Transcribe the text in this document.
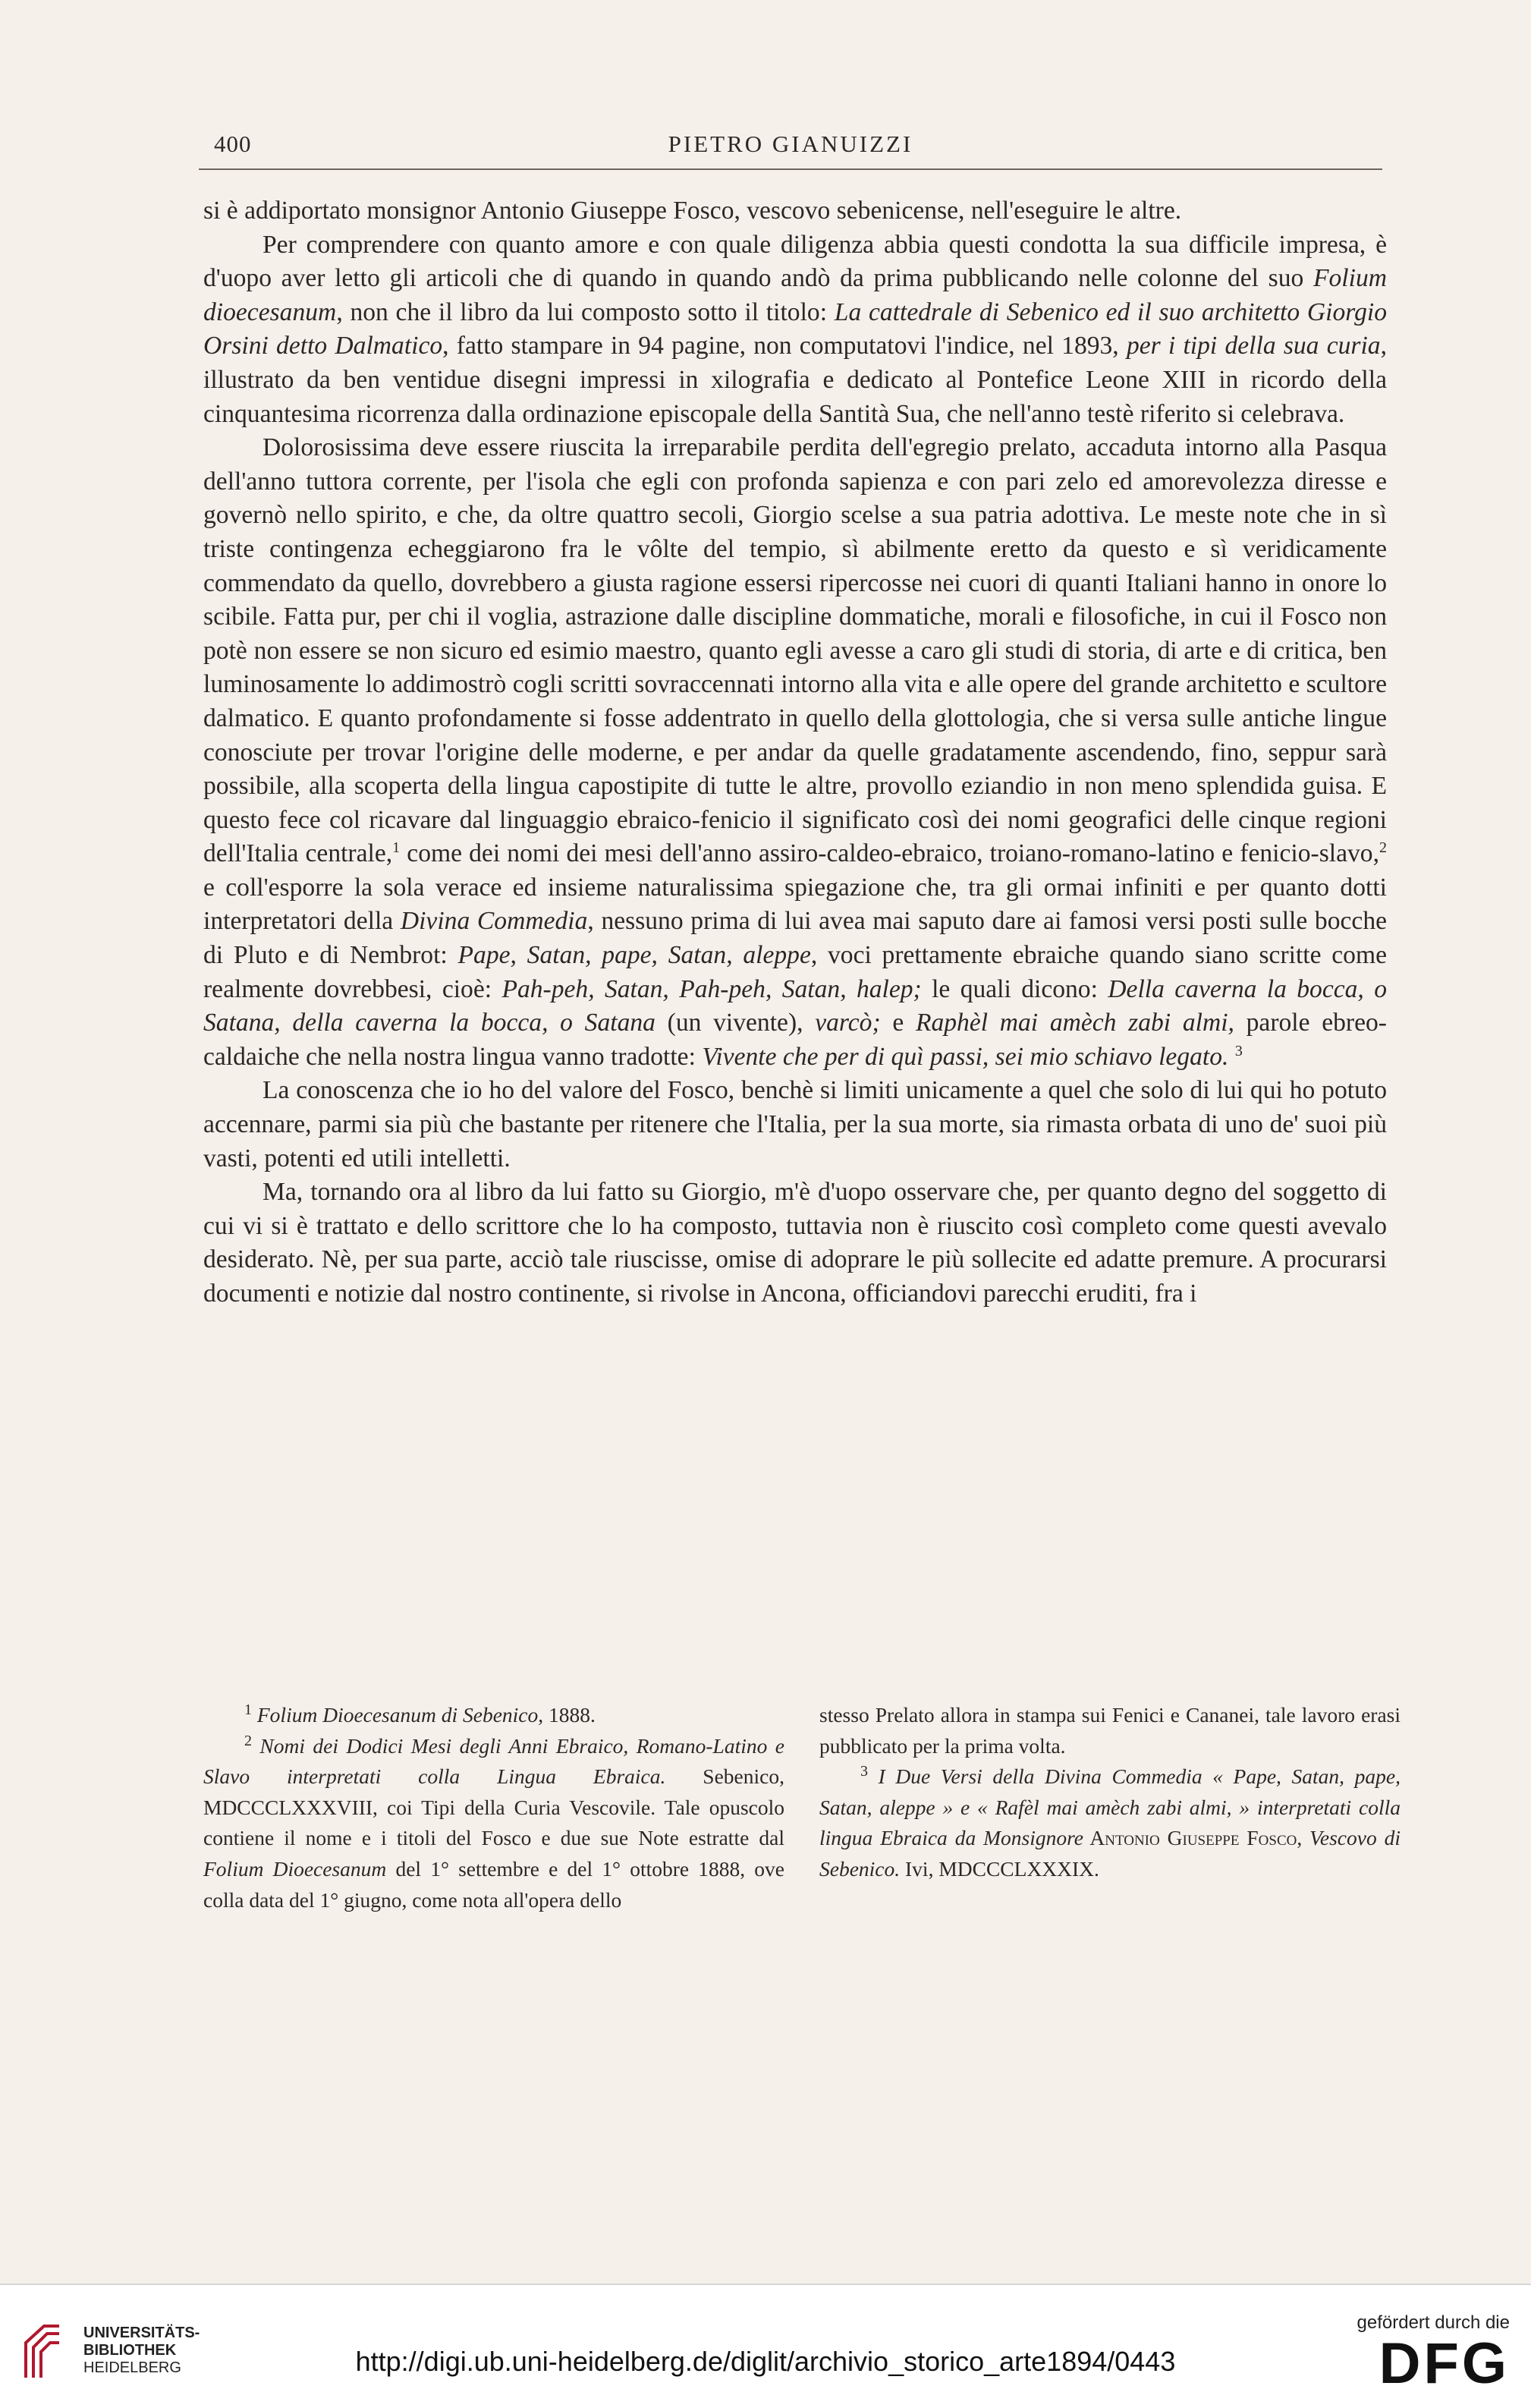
400	PIETRO GIANUIZZI

si è addiportato monsignor Antonio Giuseppe Fosco, vescovo sebenicense, nell'eseguire le altre.

Per comprendere con quanto amore e con quale diligenza abbia questi condotta la sua difficile impresa, è d'uopo aver letto gli articoli che di quando in quando andò da prima pubblicando nelle colonne del suo Folium dioecesanum, non che il libro da lui composto sotto il titolo: La cattedrale di Sebenico ed il suo architetto Giorgio Orsini detto Dalmatico, fatto stampare in 94 pagine, non computatovi l'indice, nel 1893, per i tipi della sua curia, illustrato da ben ventidue disegni impressi in xilografia e dedicato al Pontefice Leone XIII in ricordo della cinquantesima ricorrenza dalla ordinazione episcopale della Santità Sua, che nell'anno testè riferito si celebrava.

Dolorosissima deve essere riuscita la irreparabile perdita dell'egregio prelato, accaduta intorno alla Pasqua dell'anno tuttora corrente, per l'isola che egli con profonda sapienza e con pari zelo ed amorevolezza diresse e governò nello spirito, e che, da oltre quattro secoli, Giorgio scelse a sua patria adottiva. Le meste note che in sì triste contingenza echeggiarono fra le vôlte del tempio, sì abilmente eretto da questo e sì veridicamente commendato da quello, dovrebbero a giusta ragione essersi ripercosse nei cuori di quanti Italiani hanno in onore lo scibile. Fatta pur, per chi il voglia, astrazione dalle discipline dommatiche, morali e filosofiche, in cui il Fosco non potè non essere se non sicuro ed esimio maestro, quanto egli avesse a caro gli studi di storia, di arte e di critica, ben luminosamente lo addimostrò cogli scritti sovraccennati intorno alla vita e alle opere del grande architetto e scultore dalmatico. E quanto profondamente si fosse addentrato in quello della glottologia, che si versa sulle antiche lingue conosciute per trovar l'origine delle moderne, e per andar da quelle gradatamente ascendendo, fino, seppur sarà possibile, alla scoperta della lingua capostipite di tutte le altre, provollo eziandio in non meno splendida guisa. E questo fece col ricavare dal linguaggio ebraico-fenicio il significato così dei nomi geografici delle cinque regioni dell'Italia centrale,$^1$ come dei nomi dei mesi dell'anno assiro-caldeo-ebraico, troiano-romano-latino e fenicio-slavo,$^2$ e coll'esporre la sola verace ed insieme naturalissima spiegazione che, tra gli ormai infiniti e per quanto dotti interpretatori della Divina Commedia, nessuno prima di lui avea mai saputo dare ai famosi versi posti sulle bocche di Pluto e di Nembrot: Pape, Satan, pape, Satan, aleppe, voci prettamente ebraiche quando siano scritte come realmente dovrebbesi, cioè: Pah-peh, Satan, Pah-peh, Satan, halep; le quali dicono: Della caverna la bocca, o Satana, della caverna la bocca, o Satana (un vivente), varcò; e Raphèl mai amèch zabi almi, parole ebreo-caldaiche che nella nostra lingua vanno tradotte: Vivente che per di quì passi, sei mio schiavo legato. $^3$

La conoscenza che io ho del valore del Fosco, benchè si limiti unicamente a quel che solo di lui qui ho potuto accennare, parmi sia più che bastante per ritenere che l'Italia, per la sua morte, sia rimasta orbata di uno de' suoi più vasti, potenti ed utili intelletti.

Ma, tornando ora al libro da lui fatto su Giorgio, m'è d'uopo osservare che, per quanto degno del soggetto di cui vi si è trattato e dello scrittore che lo ha composto, tuttavia non è riuscito così completo come questi avevalo desiderato. Nè, per sua parte, acciò tale riuscisse, omise di adoprare le più sollecite ed adatte premure. A procurarsi documenti e notizie dal nostro continente, si rivolse in Ancona, officiandovi parecchi eruditi, fra i

$^1$ Folium Dioecesanum di Sebenico, 1888.

$^2$ Nomi dei Dodici Mesi degli Anni Ebraico, Romano-Latino e Slavo interpretati colla Lingua Ebraica. Sebenico, MDCCCLXXXVIII, coi Tipi della Curia Vescovile. Tale opuscolo contiene il nome e i titoli del Fosco e due sue Note estratte dal Folium Dioecesanum del 1° settembre e del 1° ottobre 1888, ove colla data del 1° giugno, come nota all'opera dello

stesso Prelato allora in stampa sui Fenici e Cananei, tale lavoro erasi pubblicato per la prima volta.

$^3$ I Due Versi della Divina Commedia « Pape, Satan, pape, Satan, aleppe » e « Rafèl mai amèch zabi almi, » interpretati colla lingua Ebraica da Monsignore Antonio Giuseppe Fosco, Vescovo di Sebenico. Ivi, MDCCCLXXXIX.

UNIVERSITÄTS-
BIBLIOTHEK
HEIDELBERG	http://digi.ub.uni-heidelberg.de/diglit/archivio_storico_arte1894/0443
gefördert durch die
DFG
